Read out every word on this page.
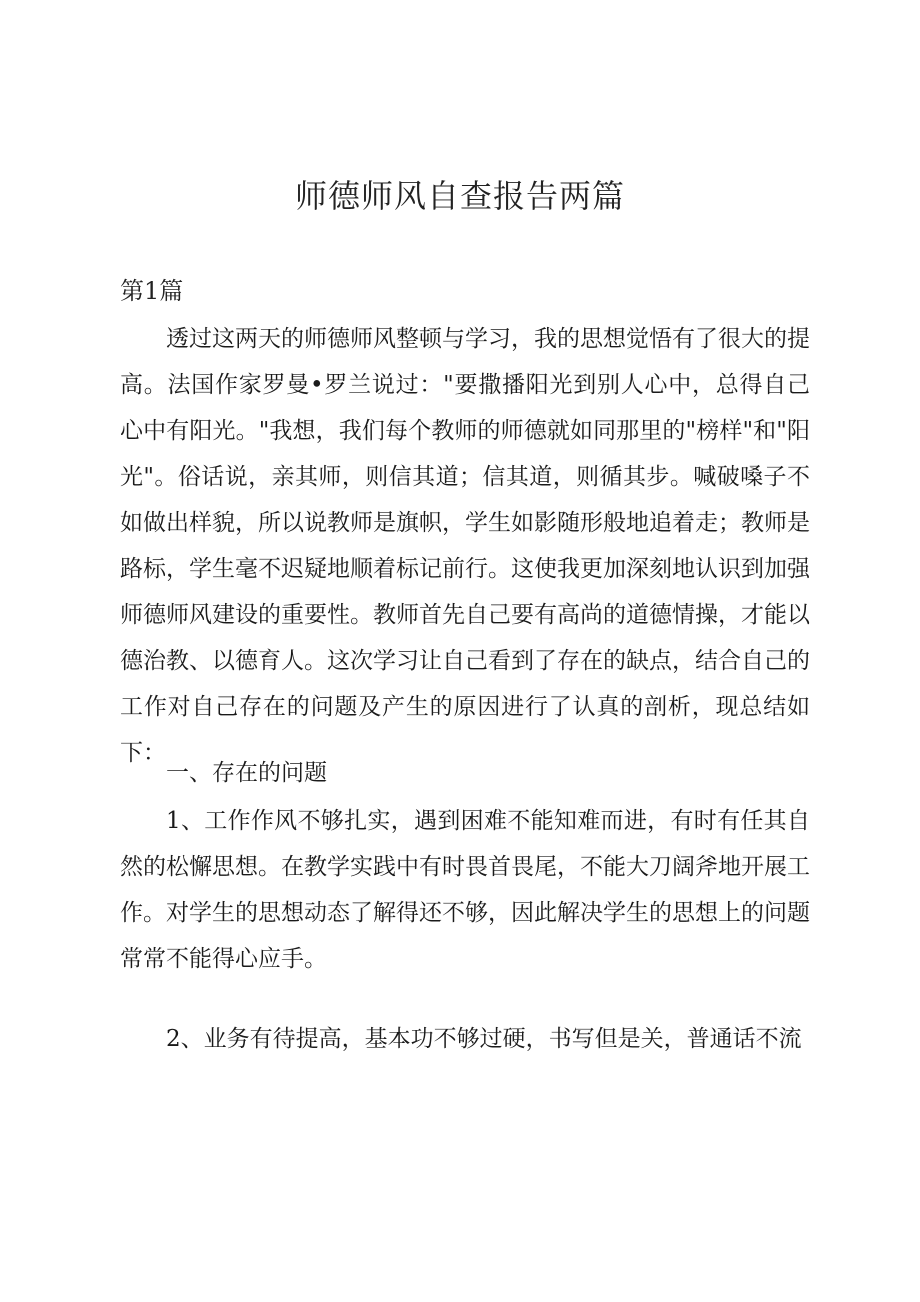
师德师风自查报告两篇

第1篇

透过这两天的师德师风整顿与学习，我的思想觉悟有了很大的提高。法国作家罗曼•罗兰说过："要撒播阳光到别人心中，总得自己心中有阳光。"我想，我们每个教师的师德就如同那里的"榜样"和"阳光"。俗话说，亲其师，则信其道；信其道，则循其步。喊破嗓子不如做出样貌，所以说教师是旗帜，学生如影随形般地追着走；教师是路标，学生毫不迟疑地顺着标记前行。这使我更加深刻地认识到加强师德师风建设的重要性。教师首先自己要有高尚的道德情操，才能以德治教、以德育人。这次学习让自己看到了存在的缺点，结合自己的工作对自己存在的问题及产生的原因进行了认真的剖析，现总结如下：

一、存在的问题

1、工作作风不够扎实，遇到困难不能知难而进，有时有任其自然的松懈思想。在教学实践中有时畏首畏尾，不能大刀阔斧地开展工作。对学生的思想动态了解得还不够，因此解决学生的思想上的问题常常不能得心应手。

2、业务有待提高，基本功不够过硬，书写但是关，普通话不流
